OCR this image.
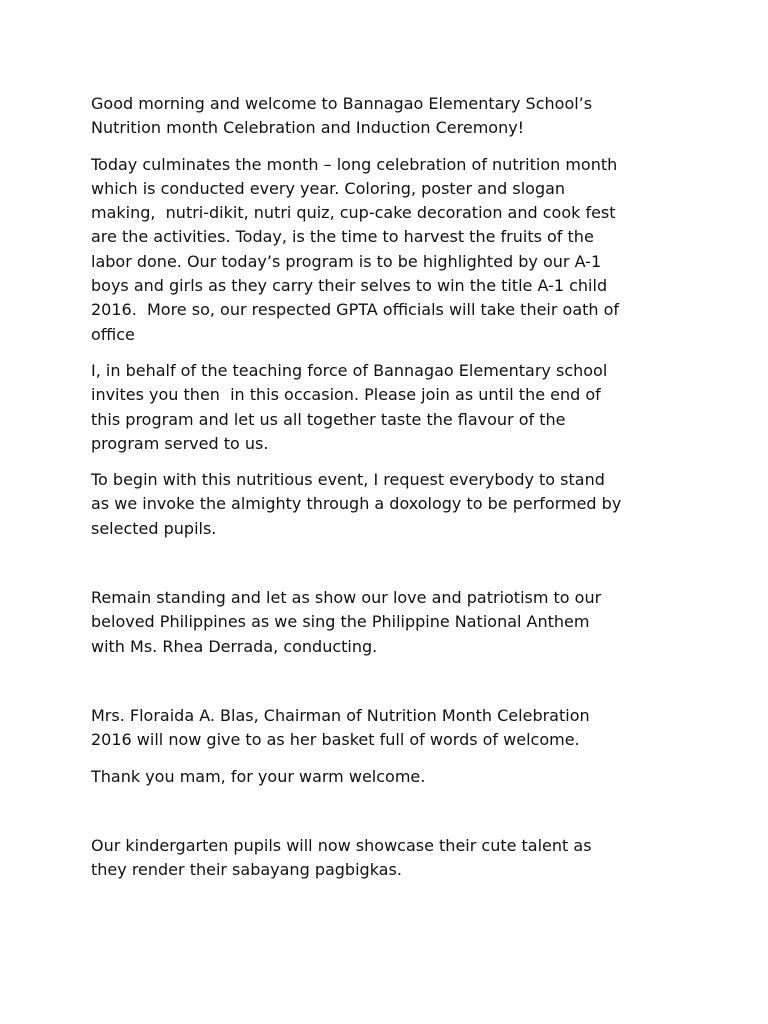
Good morning and welcome to Bannagao Elementary School’s
Nutrition month Celebration and Induction Ceremony!

Today culminates the month – long celebration of nutrition month
which is conducted every year. Coloring, poster and slogan
making,  nutri-dikit, nutri quiz, cup-cake decoration and cook fest
are the activities. Today, is the time to harvest the fruits of the
labor done. Our today’s program is to be highlighted by our A-1
boys and girls as they carry their selves to win the title A-1 child
2016.  More so, our respected GPTA officials will take their oath of
office

I, in behalf of the teaching force of Bannagao Elementary school
invites you then  in this occasion. Please join as until the end of
this program and let us all together taste the flavour of the
program served to us.

To begin with this nutritious event, I request everybody to stand
as we invoke the almighty through a doxology to be performed by
selected pupils.

Remain standing and let as show our love and patriotism to our
beloved Philippines as we sing the Philippine National Anthem
with Ms. Rhea Derrada, conducting.

Mrs. Floraida A. Blas, Chairman of Nutrition Month Celebration
2016 will now give to as her basket full of words of welcome.

Thank you mam, for your warm welcome.

Our kindergarten pupils will now showcase their cute talent as
they render their sabayang pagbigkas.
